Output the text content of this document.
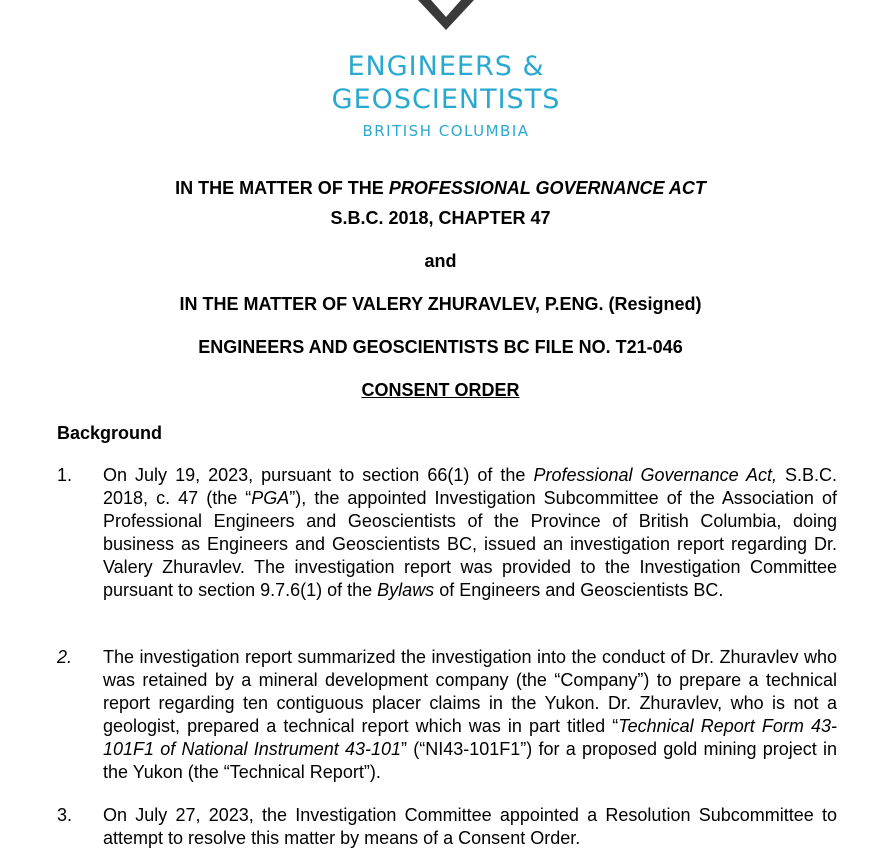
ENGINEERS &
GEOSCIENTISTS
BRITISH COLUMBIA
IN THE MATTER OF THE PROFESSIONAL GOVERNANCE ACT
S.B.C. 2018, CHAPTER 47
and
IN THE MATTER OF VALERY ZHURAVLEV, P.ENG. (Resigned)
ENGINEERS AND GEOSCIENTISTS BC FILE NO. T21-046
CONSENT ORDER
Background
1.	On July 19, 2023, pursuant to section 66(1) of the Professional Governance Act, S.B.C. 2018, c. 47 (the “PGA”), the appointed Investigation Subcommittee of the Association of Professional Engineers and Geoscientists of the Province of British Columbia, doing business as Engineers and Geoscientists BC, issued an investigation report regarding Dr. Valery Zhuravlev. The investigation report was provided to the Investigation Committee pursuant to section 9.7.6(1) of the Bylaws of Engineers and Geoscientists BC.
2.	The investigation report summarized the investigation into the conduct of Dr. Zhuravlev who was retained by a mineral development company (the “Company”) to prepare a technical report regarding ten contiguous placer claims in the Yukon. Dr. Zhuravlev, who is not a geologist, prepared a technical report which was in part titled “Technical Report Form 43-101F1 of National Instrument 43-101” (“NI43-101F1”) for a proposed gold mining project in the Yukon (the “Technical Report”).
3.	On July 27, 2023, the Investigation Committee appointed a Resolution Subcommittee to attempt to resolve this matter by means of a Consent Order.
